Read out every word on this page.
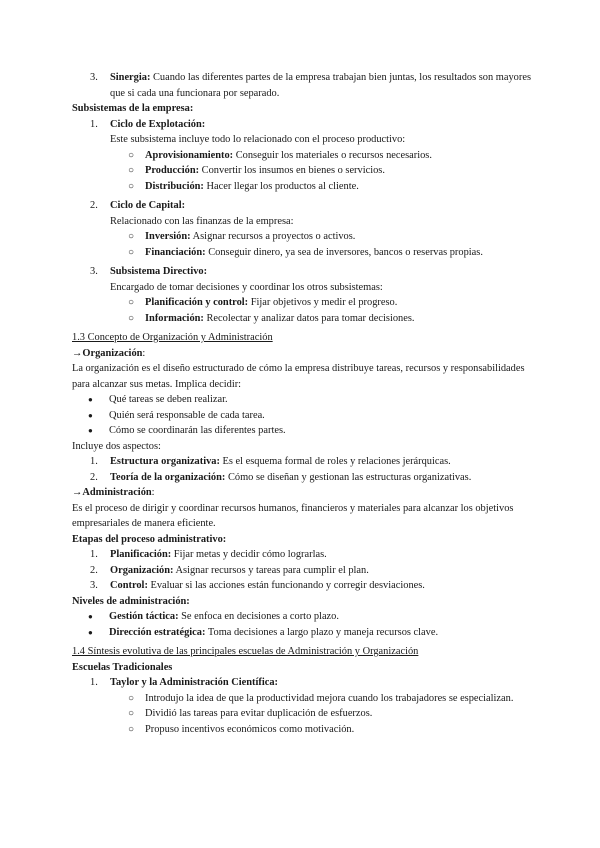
3.	Sinergia: Cuando las diferentes partes de la empresa trabajan bien juntas, los resultados son mayores que si cada una funcionara por separado.

Subsistemas de la empresa:

1.	Ciclo de Explotación:

Este subsistema incluye todo lo relacionado con el proceso productivo:

○	Aprovisionamiento: Conseguir los materiales o recursos necesarios.
○	Producción: Convertir los insumos en bienes o servicios.
○	Distribución: Hacer llegar los productos al cliente.
2.	Ciclo de Capital:

Relacionado con las finanzas de la empresa:

○	Inversión: Asignar recursos a proyectos o activos.
○	Financiación: Conseguir dinero, ya sea de inversores, bancos o reservas propias.
3.	Subsistema Directivo:

Encargado de tomar decisiones y coordinar los otros subsistemas:

○	Planificación y control: Fijar objetivos y medir el progreso.
○	Información: Recolectar y analizar datos para tomar decisiones.

1.3 Concepto de Organización y Administración

→Organización:

La organización es el diseño estructurado de cómo la empresa distribuye tareas, recursos y responsabilidades para alcanzar sus metas. Implica decidir:

●	Qué tareas se deben realizar.
●	Quién será responsable de cada tarea.
●	Cómo se coordinarán las diferentes partes.

Incluye dos aspectos:

1.	Estructura organizativa: Es el esquema formal de roles y relaciones jerárquicas.
2.	Teoría de la organización: Cómo se diseñan y gestionan las estructuras organizativas.

→Administración:

Es el proceso de dirigir y coordinar recursos humanos, financieros y materiales para alcanzar los objetivos empresariales de manera eficiente.

Etapas del proceso administrativo:

1.	Planificación: Fijar metas y decidir cómo lograrlas.
2.	Organización: Asignar recursos y tareas para cumplir el plan.
3.	Control: Evaluar si las acciones están funcionando y corregir desviaciones.

Niveles de administración:

●	Gestión táctica: Se enfoca en decisiones a corto plazo.
●	Dirección estratégica: Toma decisiones a largo plazo y maneja recursos clave.

1.4 Síntesis evolutiva de las principales escuelas de Administración y Organización

Escuelas Tradicionales

1.	Taylor y la Administración Científica:
○	Introdujo la idea de que la productividad mejora cuando los trabajadores se especializan.
○	Dividió las tareas para evitar duplicación de esfuerzos.
○	Propuso incentivos económicos como motivación.
